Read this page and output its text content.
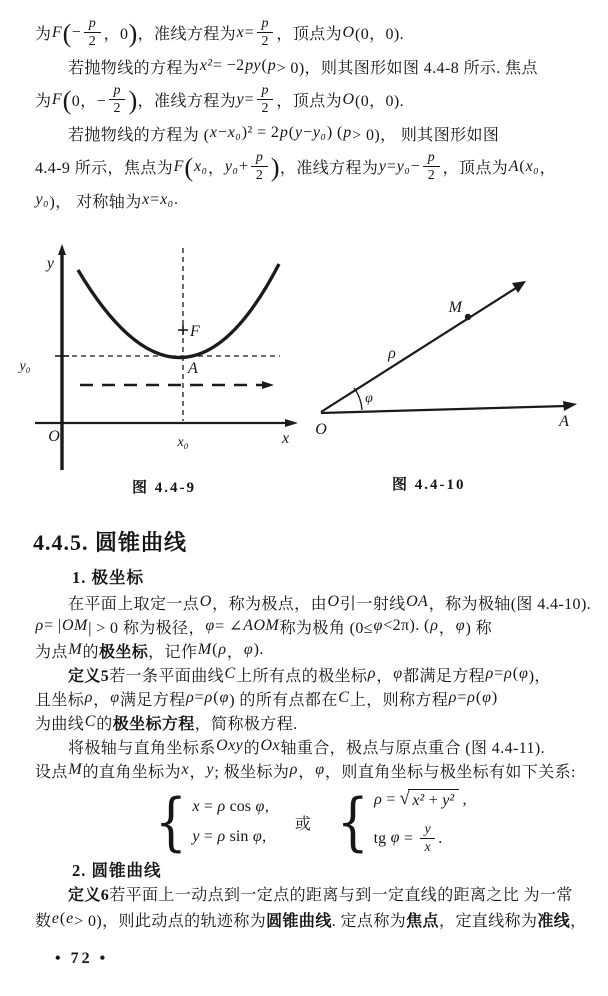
为 F ( − $\frac{p}{2}$ ，0 ) ，准线方程为 $x = \frac{p}{2}$ ，顶点为 O (0，0).
若抛物线的方程为 x² = −2 py ( p > 0)，则其图形如图 4.4-8 所示. 焦点
为 F ( 0，− $\frac{p}{2}$ ) ，准线方程为 $y = \frac{p}{2}$ ，顶点为 O (0，0).
若抛物线的方程为 ( x − x₀ )² = 2 p ( y − y₀ ) ( p > 0)， 则其图形如图
4.4-9 所示，焦点为 F ( x₀ ， $y_0 + \frac{p}{2}$ ) ，准线方程为 $y = y_0 - \frac{p}{2}$ ，顶点为 A ( x₀ ，
y₀ )， 对称轴为 x = x₀ .
F
y
x
O
A
y₀
x₀
M
ρ
φ
O	A
图 4.4-9	图 4.4-10
4.4.5. 圆锥曲线
1. 极坐标
在平面上取定一点 O ，称为极点，由 O 引一射线 OA ，称为极轴(图 4.4-10).
ρ = | OM | > 0 称为极径， φ = ∠ AOM 称为极角 (0≤ φ <2π). ( ρ ， φ ) 称
为点 M 的 极坐标 ，记作 M ( ρ ， φ ).
定义5 若一条平面曲线 C 上所有点的极坐标 ρ ， φ 都满足方程 ρ = ρ ( φ )，
且坐标 ρ ， φ 满足方程 ρ = ρ ( φ ) 的所有点都在 C 上，则称方程 ρ = ρ ( φ )
为曲线 C 的 极坐标方程 ，简称极方程.
将极轴与直角坐标系 Oxy 的 Ox 轴重合，极点与原点重合 (图 4.4-11).
设点 M 的直角坐标为 x ， y ; 极坐标为 ρ ， φ ，则直角坐标与极坐标有如下关系:
{ x = ρ cos φ,
y = ρ sin φ,
或 { ρ = √ x² + y² ,
tg $\varphi = \frac{y}{x}$ .
2. 圆锥曲线
定义6 若平面上一动点到一定点的距离与到一定直线的距离之比 为一常
数 e ( e > 0)，则此动点的轨迹称为 圆锥曲线 . 定点称为 焦点 ，定直线称为 准线 ，
• 72 •
